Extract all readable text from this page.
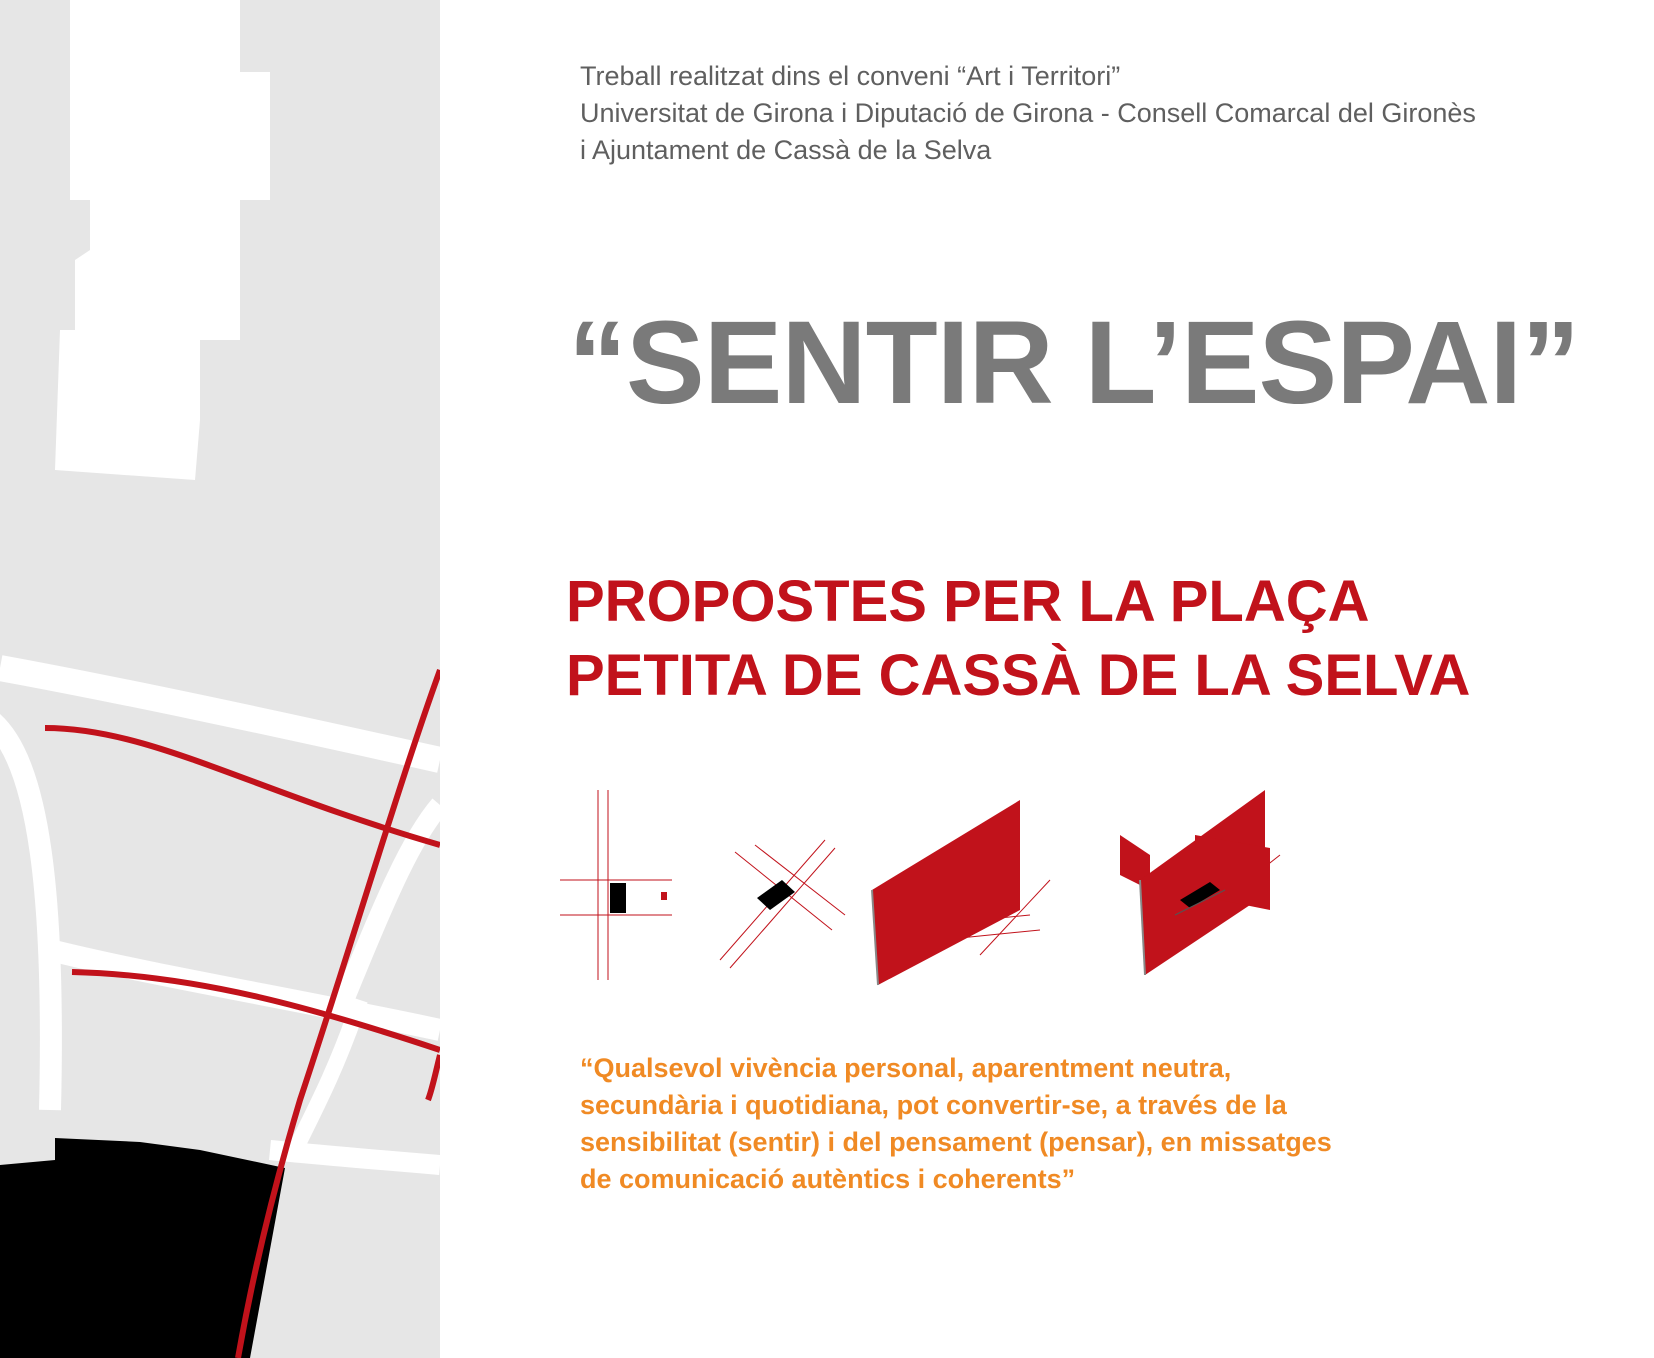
Treball realitzat dins el conveni “Art i Territori”
Universitat de Girona i Diputació de Girona - Consell Comarcal del Gironès
i Ajuntament de Cassà de la Selva
“SENTIR L’ESPAI”
PROPOSTES PER LA PLAÇA
PETITA DE CASSÀ DE LA SELVA
“Qualsevol vivència personal, aparentment neutra,
secundària i quotidiana, pot convertir-se, a través de la
sensibilitat (sentir) i del pensament (pensar), en missatges
de comunicació autèntics i coherents”
